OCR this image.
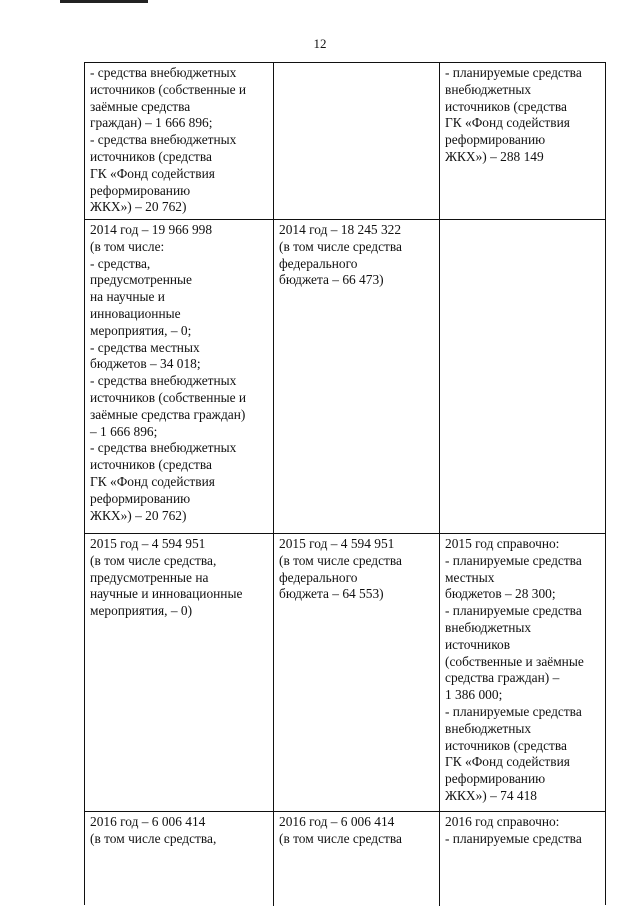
12
- средства внебюджетных
источников (собственные и
заёмные средства
граждан) – 1 666 896;
- средства внебюджетных
источников (средства
ГК «Фонд содействия
реформированию
ЖКХ») – 20 762)
- планируемые средства
внебюджетных
источников (средства
ГК «Фонд содействия
реформированию
ЖКХ») – 288 149
2014 год – 19 966 998
(в том числе:
- средства,
предусмотренные
на научные и
инновационные
мероприятия, – 0;
- средства местных
бюджетов – 34 018;
- средства внебюджетных
источников (собственные и
заёмные средства граждан)
– 1 666 896;
- средства внебюджетных
источников (средства
ГК «Фонд содействия
реформированию
ЖКХ») – 20 762)
2014 год – 18 245 322
(в том числе средства
федерального
бюджета – 66 473)
2015 год – 4 594 951
(в том числе средства,
предусмотренные на
научные и инновационные
мероприятия, – 0)
2015 год – 4 594 951
(в том числе средства
федерального
бюджета – 64 553)
2015 год справочно:
- планируемые средства
местных
бюджетов – 28 300;
- планируемые средства
внебюджетных
источников
(собственные и заёмные
средства граждан) –
1 386 000;
- планируемые средства
внебюджетных
источников (средства
ГК «Фонд содействия
реформированию
ЖКХ») – 74 418
2016 год – 6 006 414
(в том числе средства,
2016 год – 6 006 414
(в том числе средства
2016 год справочно:
- планируемые средства
